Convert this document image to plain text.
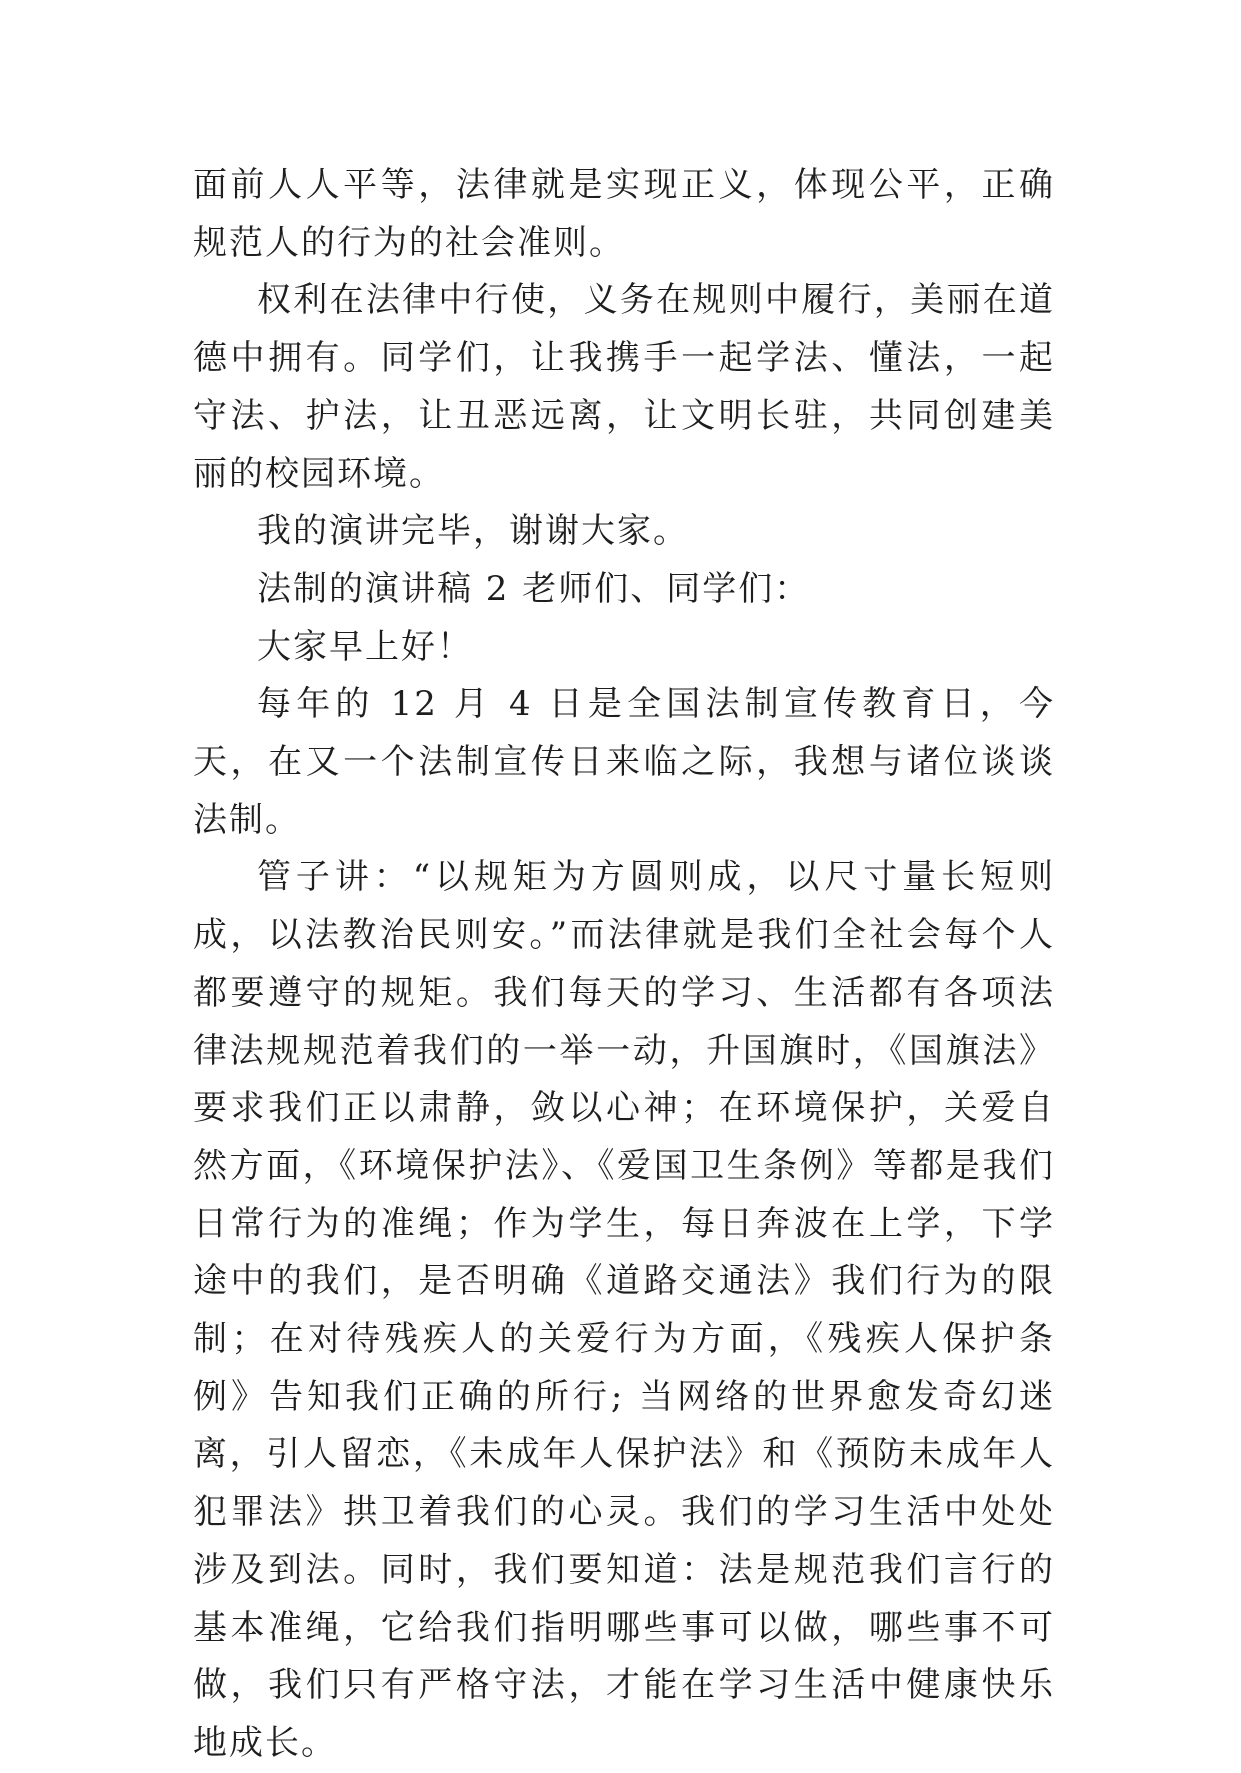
面前人人平等，法律就是实现正义，体现公平，正确规范人的行为的社会准则。

权利在法律中行使，义务在规则中履行，美丽在道德中拥有。同学们，让我携手一起学法、懂法，一起守法、护法，让丑恶远离，让文明长驻，共同创建美丽的校园环境。

我的演讲完毕，谢谢大家。

法制的演讲稿 2 老师们、同学们：

大家早上好！

每年的 12 月 4 日是全国法制宣传教育日，今天，在又一个法制宣传日来临之际，我想与诸位谈谈法制。

管子讲：“以规矩为方圆则成，以尺寸量长短则成，以法教治民则安。”而法律就是我们全社会每个人都要遵守的规矩。我们每天的学习、生活都有各项法律法规规范着我们的一举一动，升国旗时，《国旗法》要求我们正以肃静，敛以心神；在环境保护，关爱自然方面，《环境保护法》、《爱国卫生条例》等都是我们日常行为的准绳；作为学生，每日奔波在上学，下学途中的我们，是否明确《道路交通法》我们行为的限制；在对待残疾人的关爱行为方面，《残疾人保护条例》告知我们正确的所行; 当网络的世界愈发奇幻迷离，引人留恋，《未成年人保护法》和《预防未成年人犯罪法》拱卫着我们的心灵。我们的学习生活中处处涉及到法。同时，我们要知道：法是规范我们言行的基本准绳，它给我们指明哪些事可以做，哪些事不可做，我们只有严格守法，才能在学习生活中健康快乐地成长。
